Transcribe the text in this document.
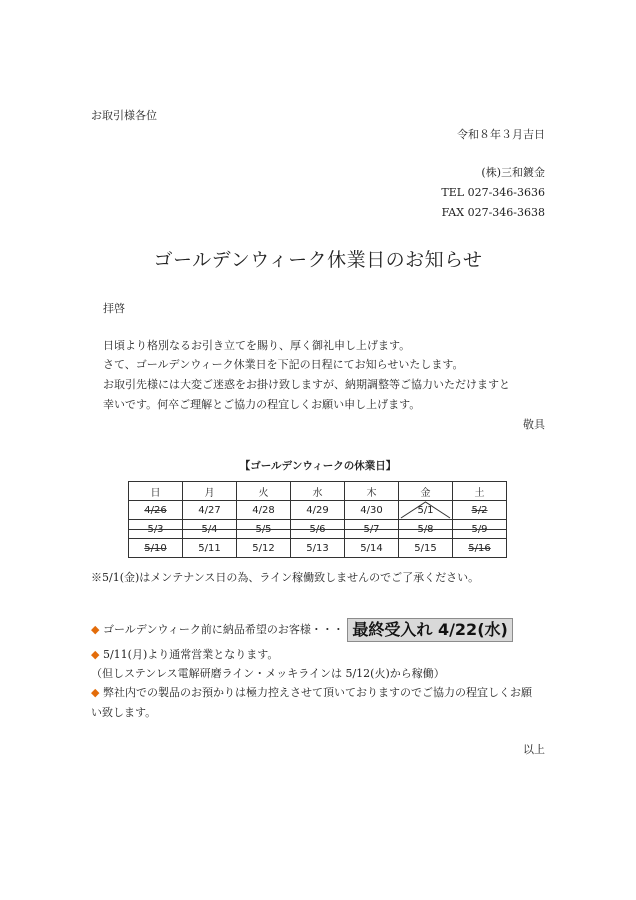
お取引様各位
令和８年３月吉日
(株)三和鍍金
TEL 027-346-3636
FAX 027-346-3638
ゴールデンウィーク休業日のお知らせ
拝啓
日頃より格別なるお引き立てを賜り、厚く御礼申し上げます。
さて、ゴールデンウィーク休業日を下記の日程にてお知らせいたします。
お取引先様には大変ご迷惑をお掛け致しますが、納期調整等ご協力いただけますと
幸いです。何卒ご理解とご協力の程宜しくお願い申し上げます。
敬具
【ゴールデンウィークの休業日】
日	月	火	水	木	金	土
4/26	4/27	4/28	4/29	4/30	5/1	5/2
5/3	5/4	5/5	5/6	5/7	5/8	5/9
5/10	5/11	5/12	5/13	5/14	5/15	5/16
※5/1(金)はメンテナンス日の為、ライン稼働致しませんのでご了承ください。
◆ ゴールデンウィーク前に納品希望のお客様・・・ 最終受入れ 4/22(水)
◆ 5/11(月)より通常営業となります。
（但しステンレス電解研磨ライン・メッキラインは 5/12(火)から稼働）
◆ 弊社内での製品のお預かりは極力控えさせて頂いておりますのでご協力の程宜しくお願
い致します。
以上
